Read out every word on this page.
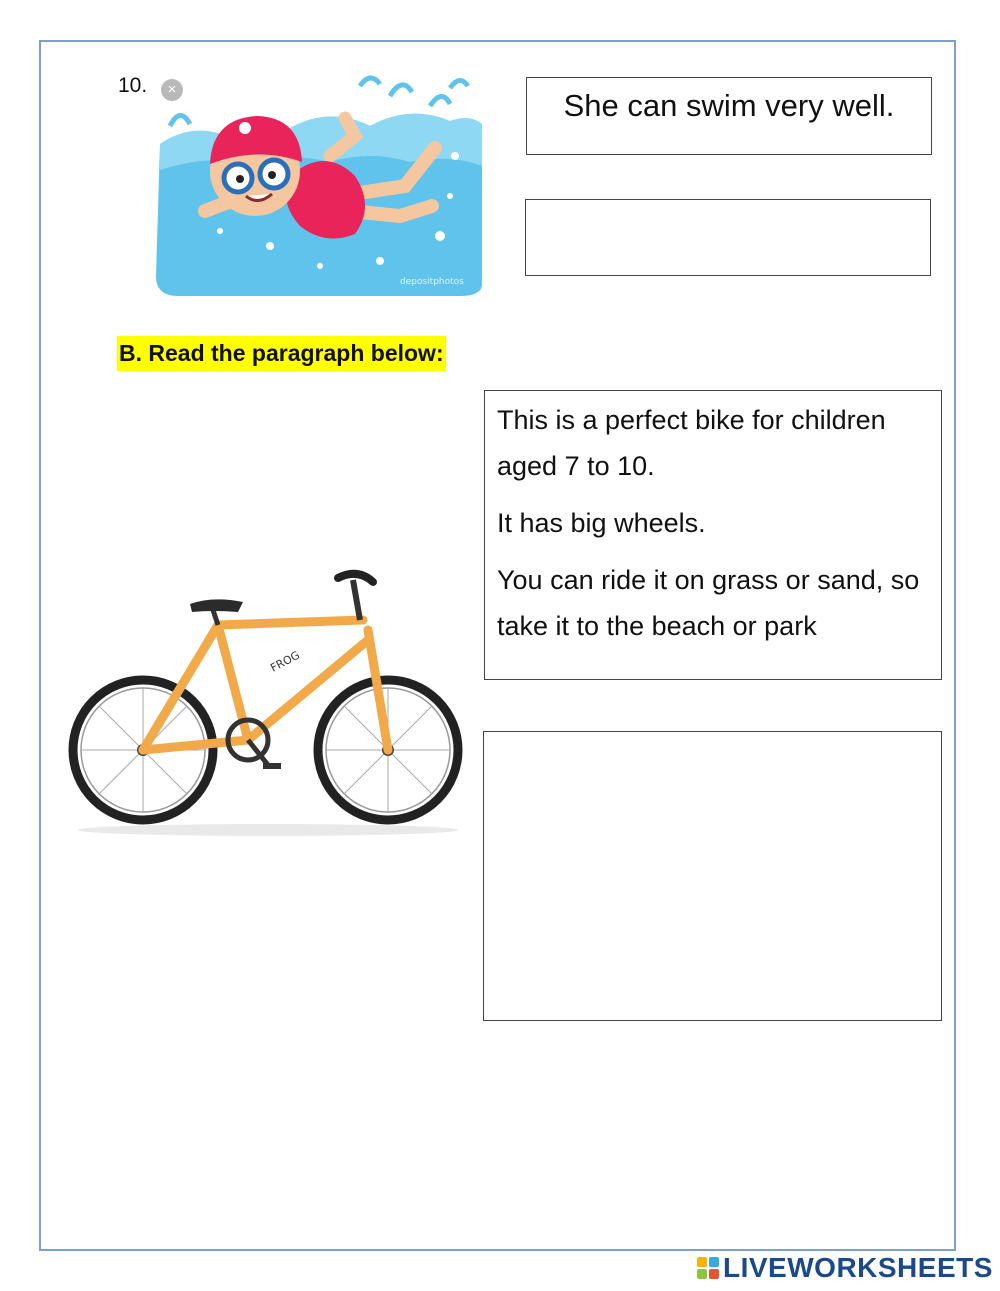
10.
depositphotos
×	She can swim very well.
B. Read the paragraph below:

This is a perfect bike for children aged 7 to 10.

It has big wheels.

You can ride it on grass or sand, so take it to the beach or park

FROG
LIVEWORKSHEETS
